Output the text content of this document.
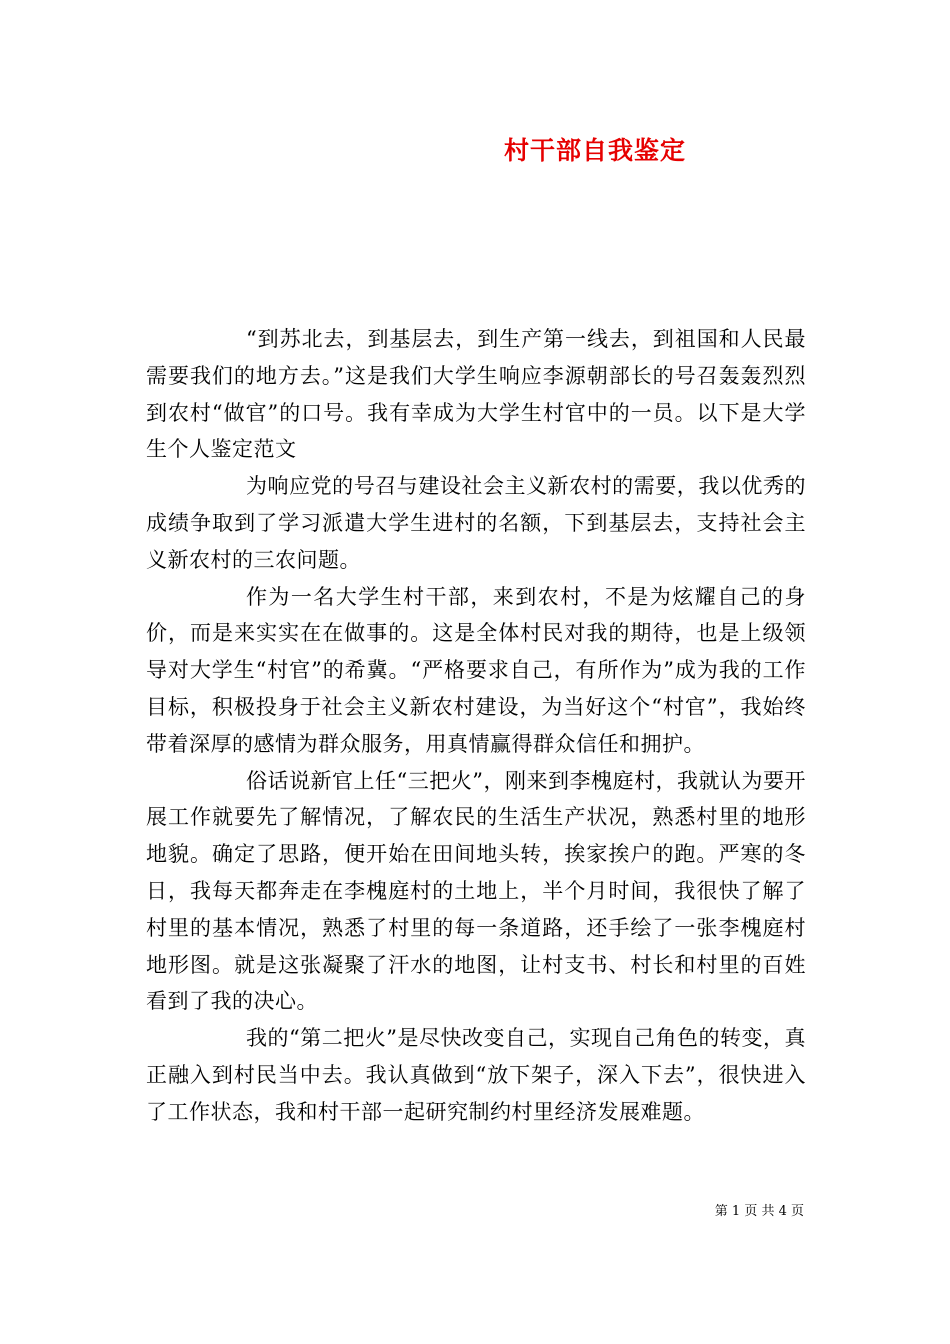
村干部自我鉴定

“到苏北去，到基层去，到生产第一线去，到祖国和人民最需要我们的地方去。”这是我们大学生响应李源朝部长的号召轰轰烈烈到农村“做官”的口号。我有幸成为大学生村官中的一员。以下是大学生个人鉴定范文

为响应党的号召与建设社会主义新农村的需要，我以优秀的成绩争取到了学习派遣大学生进村的名额，下到基层去，支持社会主义新农村的三农问题。

作为一名大学生村干部，来到农村，不是为炫耀自己的身价，而是来实实在在做事的。这是全体村民对我的期待，也是上级领导对大学生“村官”的希冀。“严格要求自己，有所作为”成为我的工作目标，积极投身于社会主义新农村建设，为当好这个“村官”，我始终带着深厚的感情为群众服务，用真情赢得群众信任和拥护。

俗话说新官上任“三把火”，刚来到李槐庭村，我就认为要开展工作就要先了解情况，了解农民的生活生产状况，熟悉村里的地形地貌。确定了思路，便开始在田间地头转，挨家挨户的跑。严寒的冬日，我每天都奔走在李槐庭村的土地上，半个月时间，我很快了解了村里的基本情况，熟悉了村里的每一条道路，还手绘了一张李槐庭村地形图。就是这张凝聚了汗水的地图，让村支书、村长和村里的百姓看到了我的决心。

我的“第二把火”是尽快改变自己，实现自己角色的转变，真正融入到村民当中去。我认真做到“放下架子，深入下去”，很快进入了工作状态，我和村干部一起研究制约村里经济发展难题。

第 1 页 共 4 页
